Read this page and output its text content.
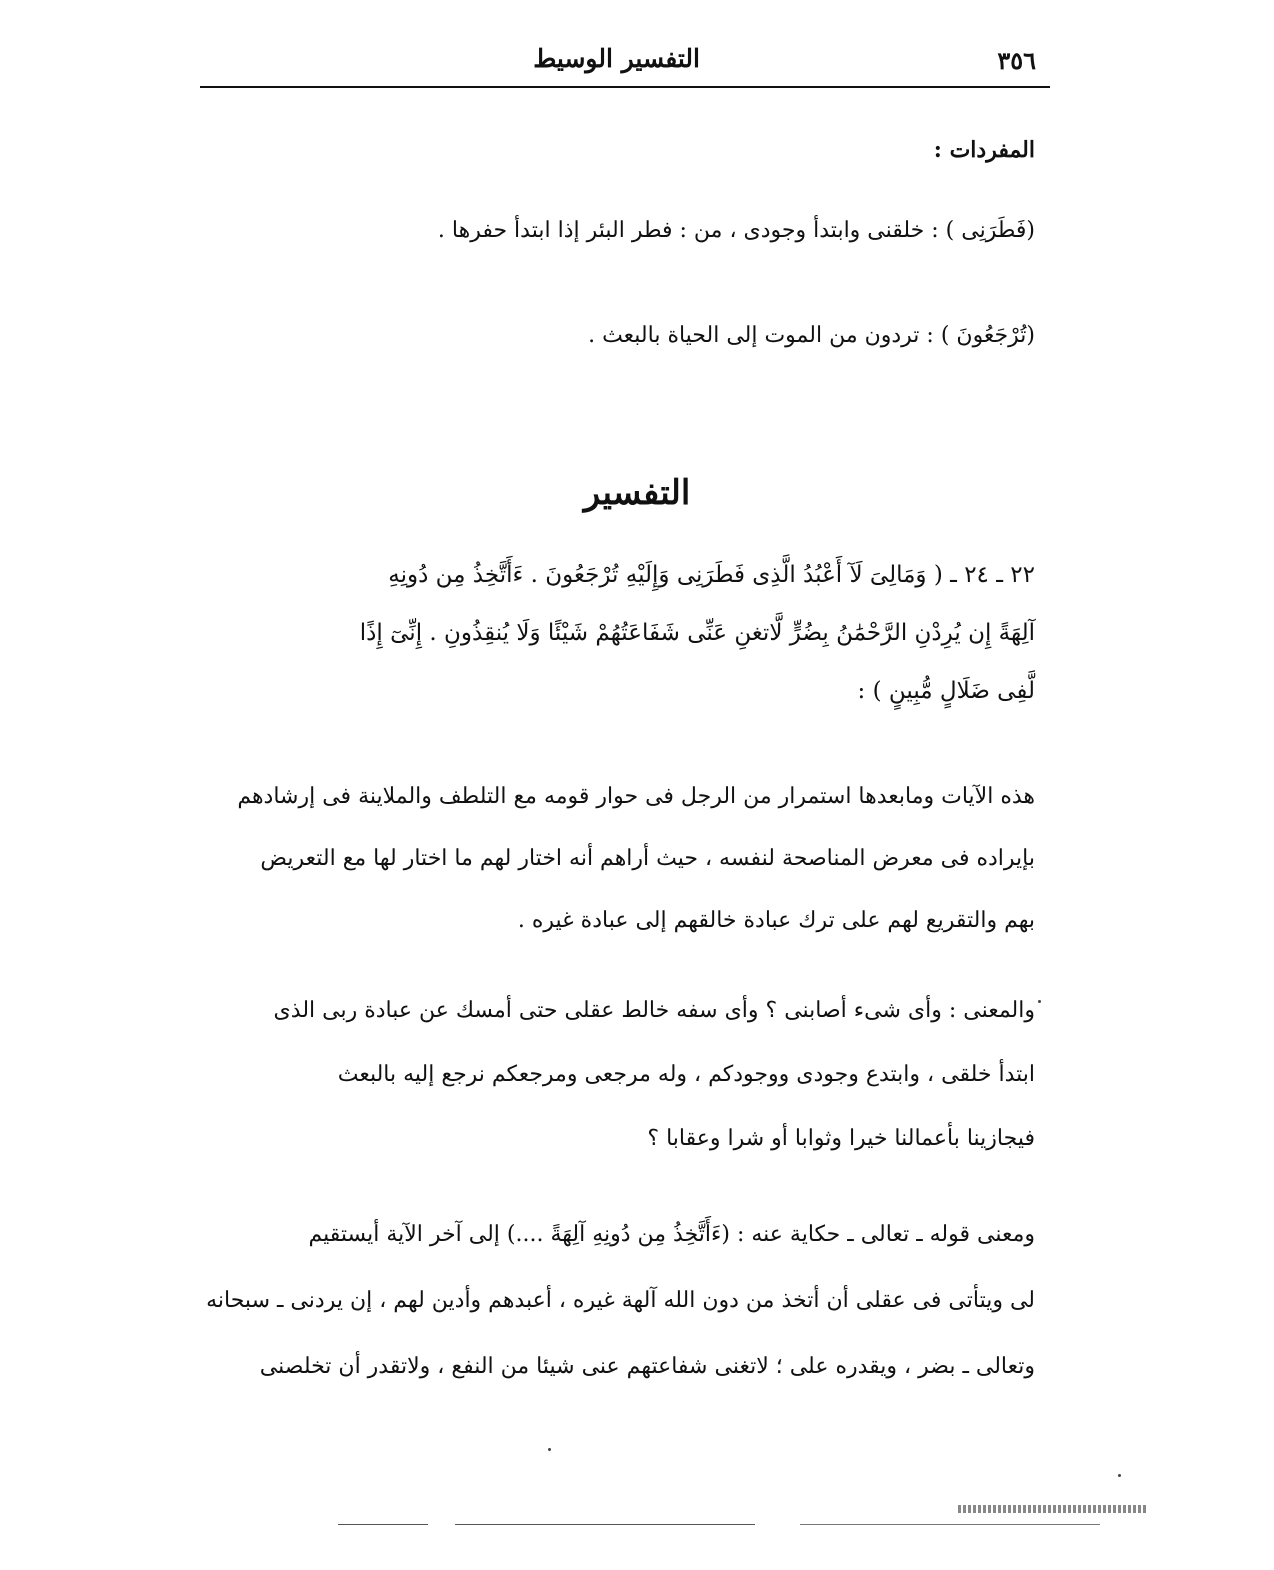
٣٥٦
التفسير الوسيط
المفردات :
(فَطَرَنِى ) : خلقنى وابتدأ وجودى ، من : فطر البئر إذا ابتدأ حفرها .
(تُرْجَعُونَ ) : تردون من الموت إلى الحياة بالبعث .
التفسير
٢٢ ـ ٢٤ ـ ( وَمَالِىَ لَآ أَعْبُدُ الَّذِى فَطَرَنِى وَإِلَيْهِ تُرْجَعُونَ . ءَأَتَّخِذُ مِن دُونِهِ
آلِهَةً إِن يُرِدْنِ الرَّحْمَٰنُ بِضُرٍّ لَّاتغنِ عَنِّى شَفَاعَتُهُمْ شَيْئًا وَلَا يُنقِذُونِ . إِنِّىٓ إِذًا
لَّفِى ضَلَالٍ مُّبِينٍ ) :
هذه الآيات ومابعدها استمرار من الرجل فى حوار قومه مع التلطف والملاينة فى إرشادهم
بإيراده فى معرض المناصحة لنفسه ، حيث أراهم أنه اختار لهم ما اختار لها مع التعريض
بهم والتقريع لهم على ترك عبادة خالقهم إلى عبادة غيره .
والمعنى : وأى شىء أصابنى ؟ وأى سفه خالط عقلى حتى أمسك عن عبادة ربى الذى
ابتدأ خلقى ، وابتدع وجودى ووجودكم ، وله مرجعى ومرجعكم نرجع إليه بالبعث
فيجازينا بأعمالنا خيرا وثوابا أو شرا وعقابا ؟
ومعنى قوله ـ تعالى ـ حكاية عنه : (ءَأَتَّخِذُ مِن دُونِهِ آلِهَةً ....) إلى آخر الآية أيستقيم
لى ويتأتى فى عقلى أن أتخذ من دون الله آلهة غيره ، أعبدهم وأدين لهم ، إن يردنى ـ سبحانه
وتعالى ـ بضر ، ويقدره على ؛ لاتغنى شفاعتهم عنى شيئا من النفع ، ولاتقدر أن تخلصنى
